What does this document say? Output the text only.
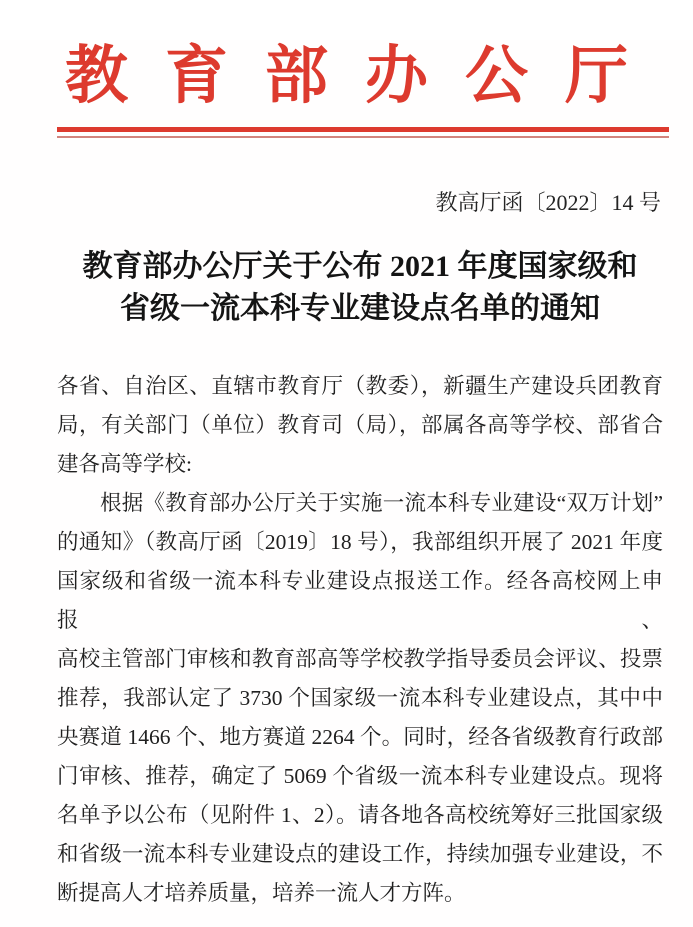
教育部办公厅
教高厅函〔2022〕14 号
教育部办公厅关于公布 2021 年度国家级和
省级一流本科专业建设点名单的通知
各省、自治区、直辖市教育厅（教委），新疆生产建设兵团教育
局，有关部门（单位）教育司（局），部属各高等学校、部省合
建各高等学校:
根据《教育部办公厅关于实施一流本科专业建设“双万计划”
的通知》（教高厅函〔2019〕18 号），我部组织开展了 2021 年度
国家级和省级一流本科专业建设点报送工作。经各高校网上申报、
高校主管部门审核和教育部高等学校教学指导委员会评议、投票
推荐，我部认定了 3730 个国家级一流本科专业建设点，其中中
央赛道 1466 个、地方赛道 2264 个。同时，经各省级教育行政部
门审核、推荐，确定了 5069 个省级一流本科专业建设点。现将
名单予以公布（见附件 1、2）。请各地各高校统筹好三批国家级
和省级一流本科专业建设点的建设工作，持续加强专业建设，不
断提高人才培养质量，培养一流人才方阵。
